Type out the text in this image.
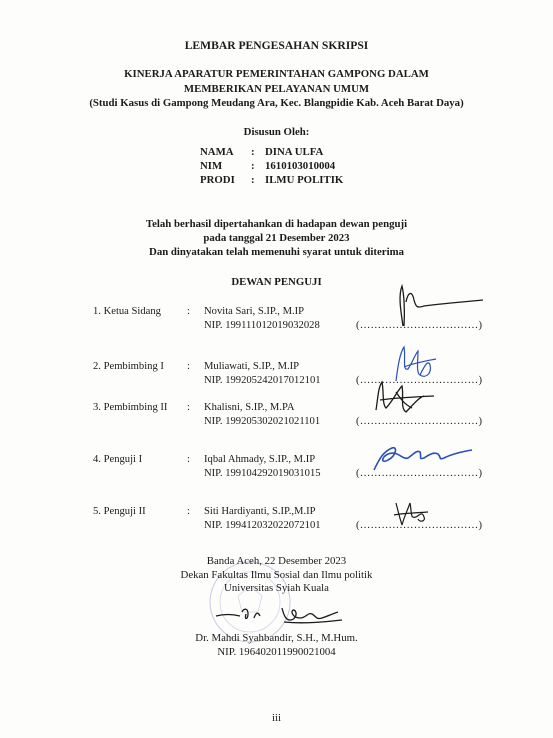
LEMBAR PENGESAHAN SKRIPSI
KINERJA APARATUR PEMERINTAHAN GAMPONG DALAM
MEMBERIKAN PELAYANAN UMUM
(Studi Kasus di Gampong Meudang Ara, Kec. Blangpidie Kab. Aceh Barat Daya)
Disusun Oleh:
NAMA : DINA ULFA
NIM	: 1610103010004
PRODI : ILMU POLITIK
Telah berhasil dipertahankan di hadapan dewan penguji
pada tanggal 21 Desember 2023
Dan dinyatakan telah memenuhi syarat untuk diterima
DEWAN PENGUJI
1. Ketua Sidang : Novita Sari, S.IP., M.IP
NIP. 199111012019032028	(……………………………)
2. Pembimbing I : Muliawati, S.IP., M.IP
NIP. 199205242017012101	(……………………………)
3. Pembimbing II : Khalisni, S.IP., M.PA
NIP. 199205302021021101	(……………………………)
4. Penguji I	: Iqbal Ahmady, S.IP., M.IP
NIP. 199104292019031015	(……………………………)
5. Penguji II	: Siti Hardiyanti, S.IP.,M.IP
NIP. 199412032022072101	(……………………………)
Banda Aceh, 22 Desember 2023
Dekan Fakultas Ilmu Sosial dan Ilmu politik
Universitas Syiah Kuala
Dr. Mahdi Syahbandir, S.H., M.Hum.
NIP. 196402011990021004
iii
